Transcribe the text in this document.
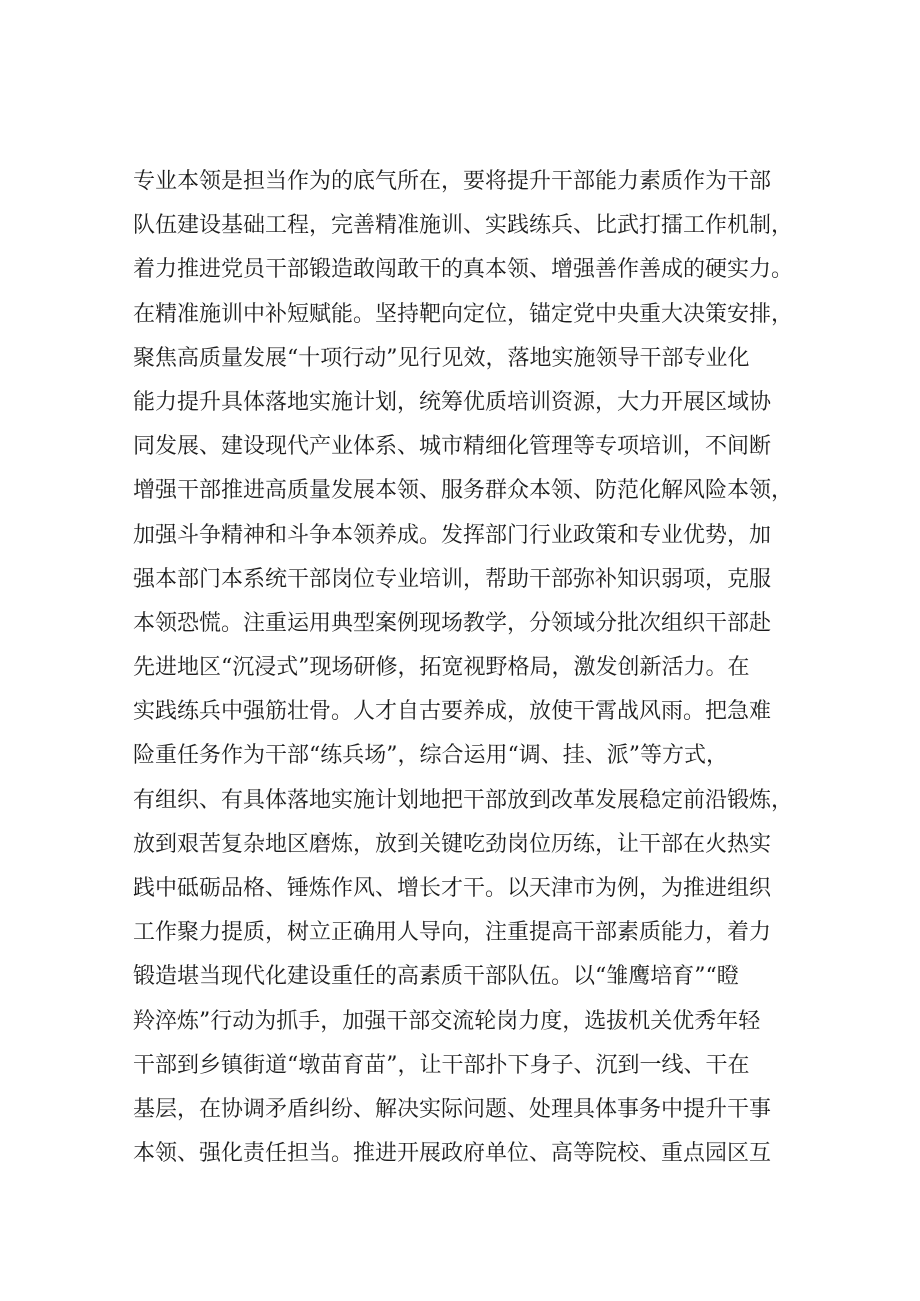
专业本领是担当作为的底气所在，要将提升干部能力素质作为干部
队伍建设基础工程，完善精准施训、实践练兵、比武打擂工作机制，
着力推进党员干部锻造敢闯敢干的真本领、增强善作善成的硬实力。
在精准施训中补短赋能。坚持靶向定位，锚定党中央重大决策安排，
聚焦高质量发展“十项行动”见行见效，落地实施领导干部专业化
能力提升具体落地实施计划，统筹优质培训资源，大力开展区域协
同发展、建设现代产业体系、城市精细化管理等专项培训，不间断
增强干部推进高质量发展本领、服务群众本领、防范化解风险本领，
加强斗争精神和斗争本领养成。发挥部门行业政策和专业优势，加
强本部门本系统干部岗位专业培训，帮助干部弥补知识弱项，克服
本领恐慌。注重运用典型案例现场教学，分领域分批次组织干部赴
先进地区“沉浸式”现场研修，拓宽视野格局，激发创新活力。在
实践练兵中强筋壮骨。人才自古要养成，放使干霄战风雨。把急难
险重任务作为干部“练兵场”，综合运用“调、挂、派”等方式，
有组织、有具体落地实施计划地把干部放到改革发展稳定前沿锻炼，
放到艰苦复杂地区磨炼，放到关键吃劲岗位历练，让干部在火热实
践中砥砺品格、锤炼作风、增长才干。以天津市为例，为推进组织
工作聚力提质，树立正确用人导向，注重提高干部素质能力，着力
锻造堪当现代化建设重任的高素质干部队伍。以“雏鹰培育”“瞪
羚淬炼”行动为抓手，加强干部交流轮岗力度，选拔机关优秀年轻
干部到乡镇街道“墩苗育苗”，让干部扑下身子、沉到一线、干在
基层，在协调矛盾纠纷、解决实际问题、处理具体事务中提升干事
本领、强化责任担当。推进开展政府单位、高等院校、重点园区互
